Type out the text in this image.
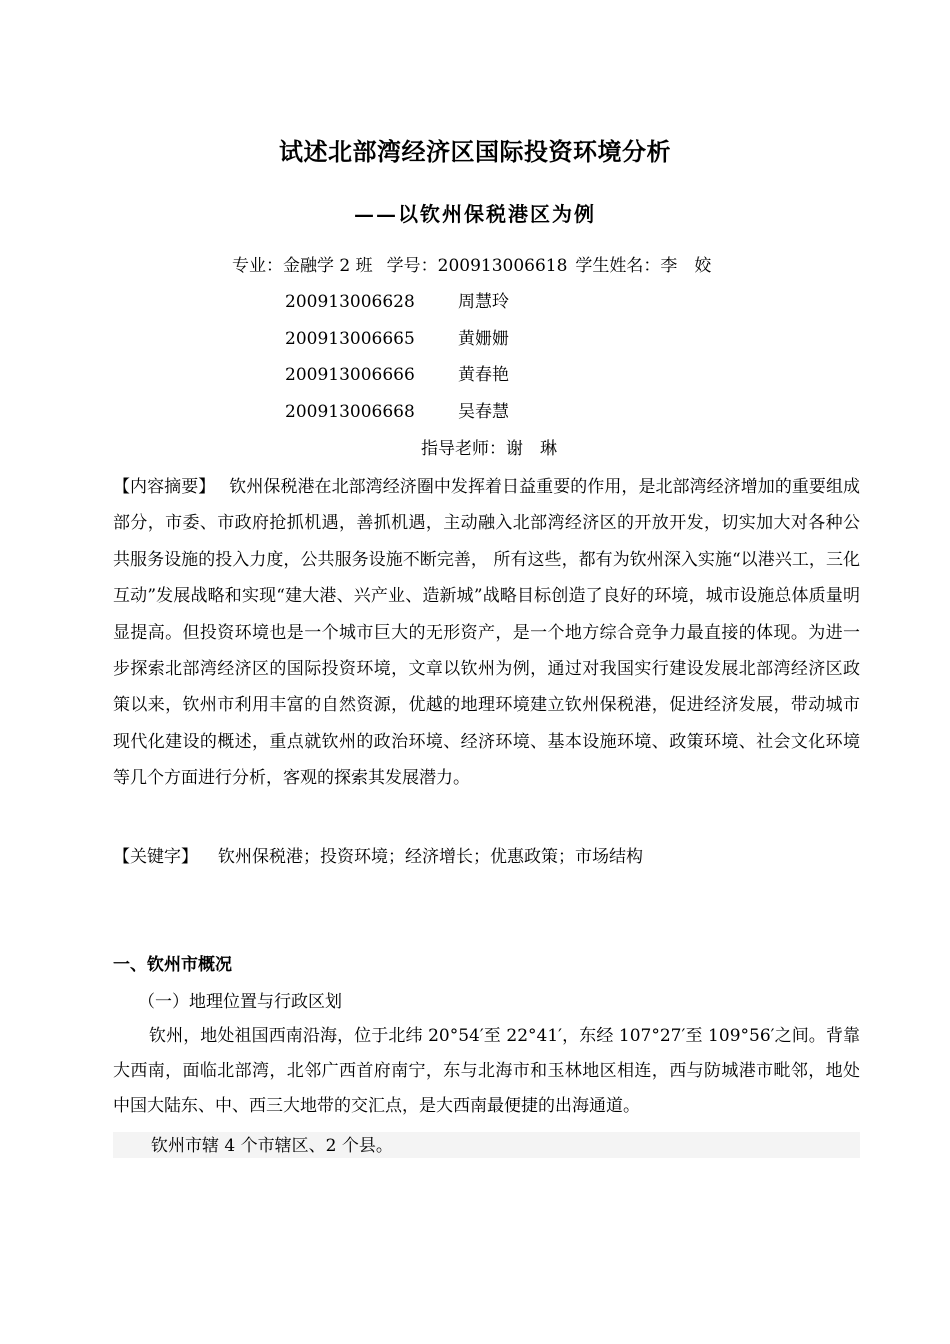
试述北部湾经济区国际投资环境分析
——以钦州保税港区为例
专业：金融学 2 班 学号：200913006618 学生姓名：李　姣
200913006628	周慧玲
200913006665	黄姗姗
200913006666	黄春艳
200913006668	吴春慧
指导老师：谢　琳
【内容摘要】 钦州保税港在北部湾经济圈中发挥着日益重要的作用，是北部湾经济增加的重要组成部分，市委、市政府抢抓机遇，善抓机遇，主动融入北部湾经济区的开放开发，切实加大对各种公共服务设施的投入力度，公共服务设施不断完善， 所有这些，都有为钦州深入实施“以港兴工，三化互动”发展战略和实现“建大港、兴产业、造新城”战略目标创造了良好的环境，城市设施总体质量明显提高。但投资环境也是一个城市巨大的无形资产，是一个地方综合竞争力最直接的体现。为进一步探索北部湾经济区的国际投资环境，文章以钦州为例，通过对我国实行建设发展北部湾经济区政策以来，钦州市利用丰富的自然资源，优越的地理环境建立钦州保税港，促进经济发展，带动城市现代化建设的概述，重点就钦州的政治环境、经济环境、基本设施环境、政策环境、社会文化环境等几个方面进行分析，客观的探索其发展潜力。
【关键字】 钦州保税港；投资环境；经济增长；优惠政策；市场结构
一、钦州市概况
（一）地理位置与行政区划
钦州，地处祖国西南沿海，位于北纬 20°54′至 22°41′，东经 107°27′至 109°56′之间。背靠大西南，面临北部湾，北邻广西首府南宁，东与北海市和玉林地区相连，西与防城港市毗邻，地处中国大陆东、中、西三大地带的交汇点，是大西南最便捷的出海通道。
钦州市辖 4 个市辖区、2 个县。
